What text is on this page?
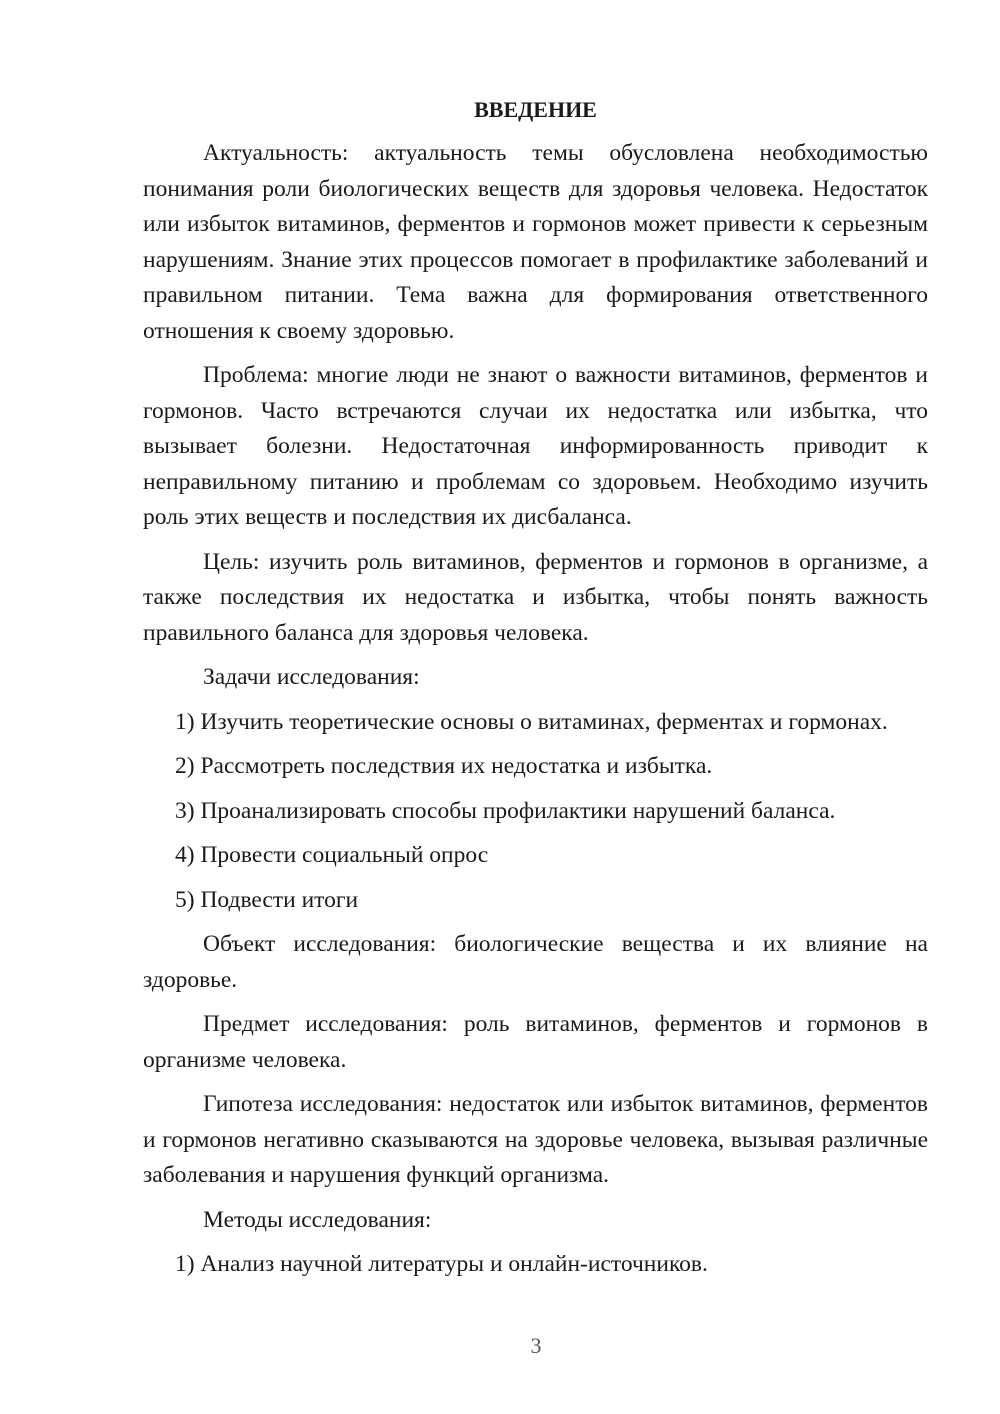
ВВЕДЕНИЕ

Актуальность: актуальность темы обусловлена необходимостью понимания роли биологических веществ для здоровья человека. Недостаток или избыток витаминов, ферментов и гормонов может привести к серьезным нарушениям. Знание этих процессов помогает в профилактике заболеваний и правильном питании. Тема важна для формирования ответственного отношения к своему здоровью.

Проблема: многие люди не знают о важности витаминов, ферментов и гормонов. Часто встречаются случаи их недостатка или избытка, что вызывает болезни. Недостаточная информированность приводит к неправильному питанию и проблемам со здоровьем. Необходимо изучить роль этих веществ и последствия их дисбаланса.

Цель: изучить роль витаминов, ферментов и гормонов в организме, а также последствия их недостатка и избытка, чтобы понять важность правильного баланса для здоровья человека.

Задачи исследования:

1) Изучить теоретические основы о витаминах, ферментах и гормонах.

2) Рассмотреть последствия их недостатка и избытка.

3) Проанализировать способы профилактики нарушений баланса.

4) Провести социальный опрос

5) Подвести итоги

Объект исследования: биологические вещества и их влияние на здоровье.

Предмет исследования: роль витаминов, ферментов и гормонов в организме человека.

Гипотеза исследования: недостаток или избыток витаминов, ферментов и гормонов негативно сказываются на здоровье человека, вызывая различные заболевания и нарушения функций организма.

Методы исследования:

1) Анализ научной литературы и онлайн-источников.

3
